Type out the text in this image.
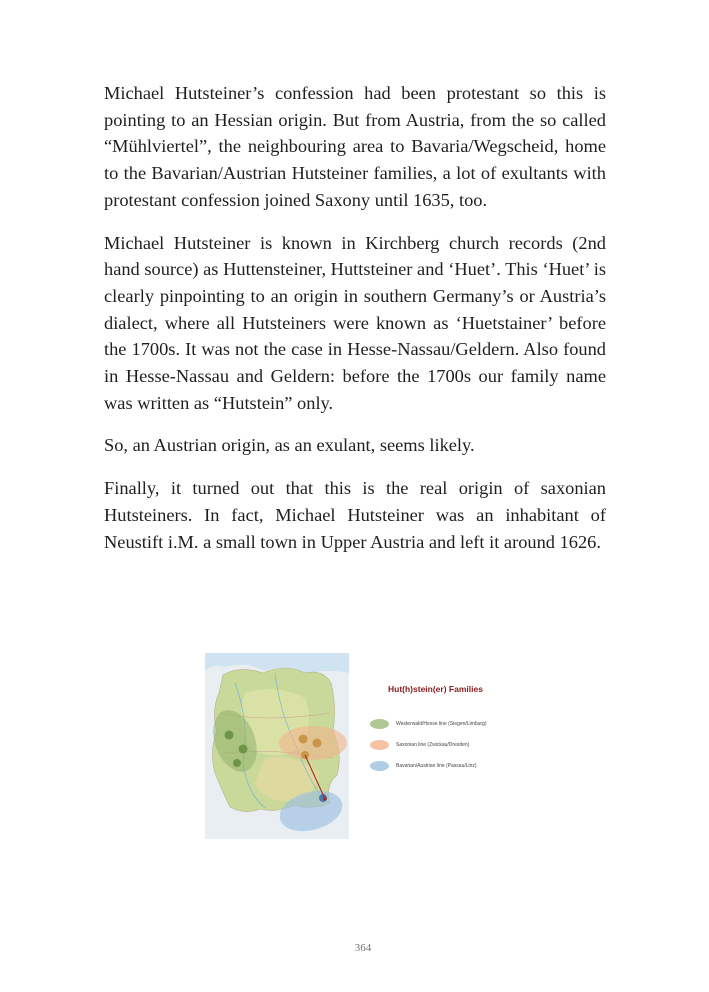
Michael Hutsteiner’s confession had been protestant so this is pointing to an Hessian origin. But from Austria, from the so called “Mühlviertel”, the neighbouring area to Bavaria/Wegscheid, home to the Bavarian/Austrian Hutsteiner families, a lot of exultants with protestant confession joined Saxony until 1635, too.

Michael Hutsteiner is known in Kirchberg church records (2nd hand source) as Huttensteiner, Huttsteiner and ‘Huet’. This ‘Huet’ is clearly pinpointing to an origin in southern Germany’s or Austria’s dialect, where all Hutsteiners were known as ‘Huetstainer’ before the 1700s. It was not the case in Hesse-Nassau/Geldern. Also found in Hesse-Nassau and Geldern: before the 1700s our family name was written as “Hutstein” only.

So, an Austrian origin, as an exulant, seems likely.

Finally, it turned out that this is the real origin of saxonian Hutsteiners. In fact, Michael Hutsteiner was an inhabitant of Neustift i.M. a small town in Upper Austria and left it around 1626.

Hut(h)stein(er) Families
Westerwald/Hesse line (Siegen/Limburg)
Saxonian line (Zwickau/Dresden)
Bavarian/Austrian line (Passau/Linz)
364
